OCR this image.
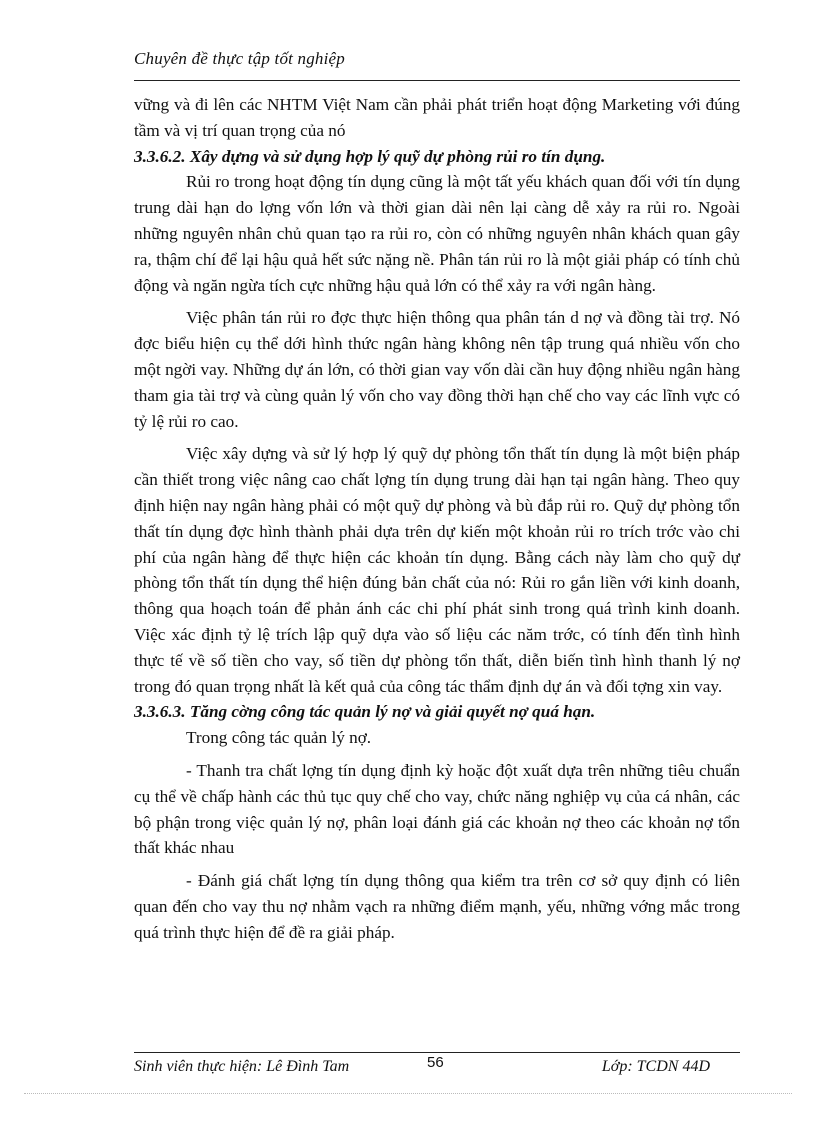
Chuyên đề thực tập tốt nghiệp

vững và đi lên các NHTM Việt Nam cần phải phát triển hoạt động Marketing với đúng tầm và vị trí quan trọng của nó

3.3.6.2. Xây dựng và sử dụng hợp lý quỹ dự phòng rủi ro tín dụng.

Rủi ro trong hoạt động tín dụng cũng là một tất yếu khách quan đối với tín dụng trung dài hạn do lợng vốn lớn và thời gian dài nên lại càng dễ xảy ra rủi ro. Ngoài những nguyên nhân chủ quan tạo ra rủi ro, còn có những nguyên nhân khách quan gây ra, thậm chí để lại hậu quả hết sức nặng nề. Phân tán rủi ro là một giải pháp có tính chủ động và ngăn ngừa tích cực những hậu quả lớn có thể xảy ra với ngân hàng.

Việc phân tán rủi ro đợc thực hiện thông qua phân tán d nợ và đồng tài trợ. Nó đợc biểu hiện cụ thể dới hình thức ngân hàng không nên tập trung quá nhiều vốn cho một ngời vay. Những dự án lớn, có thời gian vay vốn dài cần huy động nhiều ngân hàng tham gia tài trợ và cùng quản lý vốn cho vay đồng thời hạn chế cho vay các lĩnh vực có tỷ lệ rủi ro cao.

Việc xây dựng và sử lý hợp lý quỹ dự phòng tổn thất tín dụng là một biện pháp cần thiết trong việc nâng cao chất lợng tín dụng trung dài hạn tại ngân hàng. Theo quy định hiện nay ngân hàng phải có một quỹ dự phòng và bù đắp rủi ro. Quỹ dự phòng tổn thất tín dụng đợc hình thành phải dựa trên dự kiến một khoản rủi ro trích trớc vào chi phí của ngân hàng để thực hiện các khoản tín dụng. Bằng cách này làm cho quỹ dự phòng tổn thất tín dụng thể hiện đúng bản chất của nó: Rủi ro gắn liền với kinh doanh, thông qua hoạch toán để phản ánh các chi phí phát sinh trong quá trình kinh doanh. Việc xác định tỷ lệ trích lập quỹ dựa vào số liệu các năm trớc, có tính đến tình hình thực tế về số tiền cho vay, số tiền dự phòng tổn thất, diễn biến tình hình thanh lý nợ trong đó quan trọng nhất là kết quả của công tác thẩm định dự án và đối tợng xin vay.

3.3.6.3. Tăng cờng công tác quản lý nợ và giải quyết nợ quá hạn.

Trong công tác quản lý nợ.

- Thanh tra chất lợng tín dụng định kỳ hoặc đột xuất dựa trên những tiêu chuẩn cụ thể về chấp hành các thủ tục quy chế cho vay, chức năng nghiệp vụ của cá nhân, các bộ phận trong việc quản lý nợ, phân loại đánh giá các khoản nợ theo các khoản nợ tổn thất khác nhau

- Đánh giá chất lợng tín dụng thông qua kiểm tra trên cơ sở quy định có liên quan đến cho vay thu nợ nhằm vạch ra những điểm mạnh, yếu, những vớng mắc trong quá trình thực hiện để đề ra giải pháp.

Sinh viên thực hiện: Lê Đình Tam	56	Lớp: TCDN 44D
